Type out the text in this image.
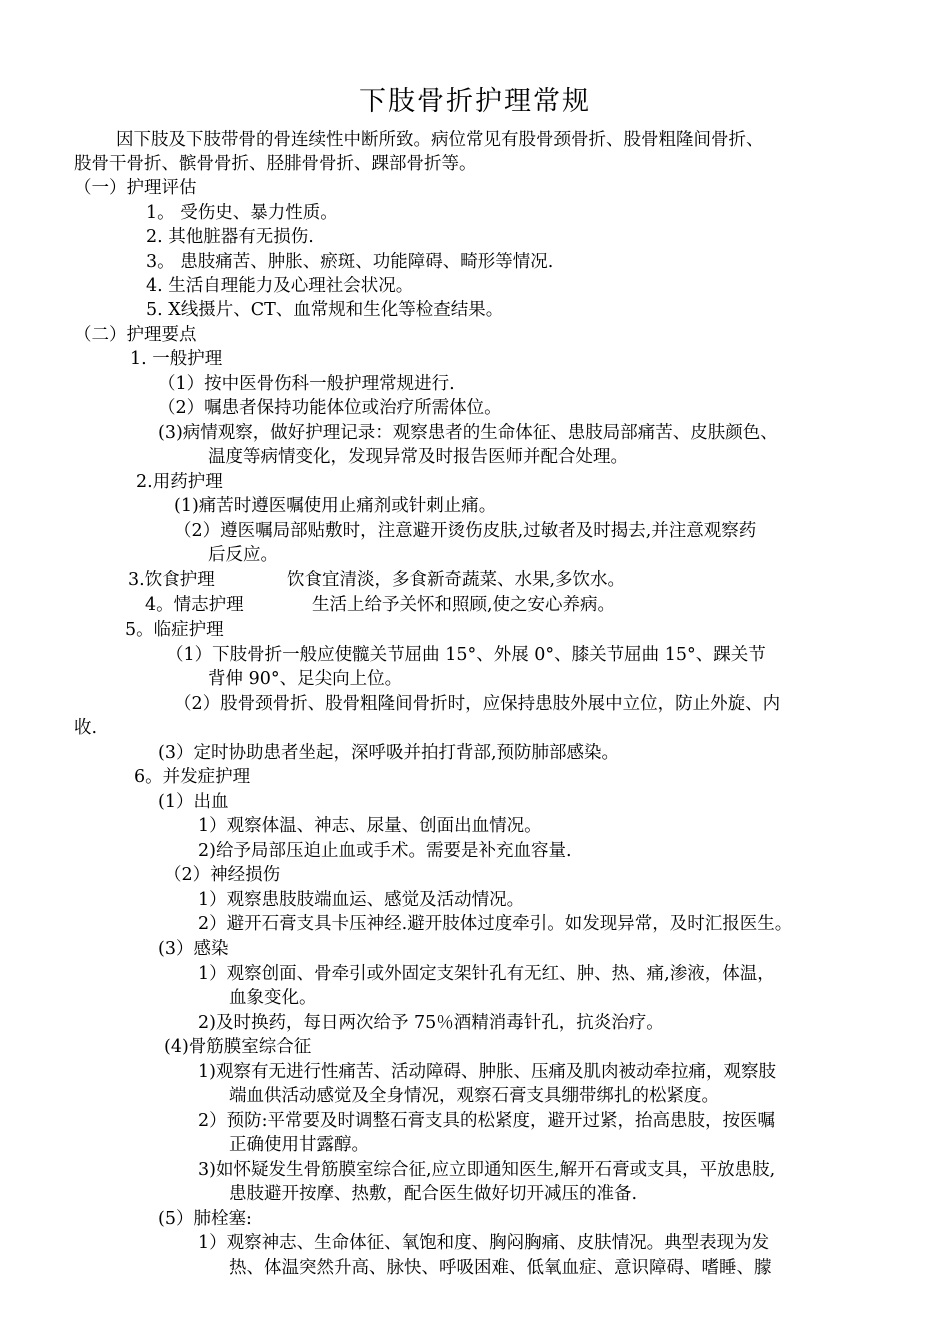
下肢骨折护理常规
因下肢及下肢带骨的骨连续性中断所致。病位常见有股骨颈骨折、股骨粗隆间骨折、
股骨干骨折、髌骨骨折、胫腓骨骨折、踝部骨折等。
（一）护理评估
1。 受伤史、暴力性质。
2. 其他脏器有无损伤.
3。 患肢痛苦、肿胀、瘀斑、功能障碍、畸形等情况.
4. 生活自理能力及心理社会状况。
5. X线摄片、CT、血常规和生化等检查结果。
（二）护理要点
1. 一般护理
（1）按中医骨伤科一般护理常规进行.
（2）嘱患者保持功能体位或治疗所需体位。
(3)病情观察，做好护理记录：观察患者的生命体征、患肢局部痛苦、皮肤颜色、
温度等病情变化，发现异常及时报告医师并配合处理。
2.用药护理
(1)痛苦时遵医嘱使用止痛剂或针刺止痛。
（2）遵医嘱局部贴敷时，注意避开烫伤皮肤,过敏者及时揭去,并注意观察药
后反应。
3.饮食护理	饮食宜清淡，多食新奇蔬菜、水果,多饮水。
4。情志护理	生活上给予关怀和照顾,使之安心养病。
5。临症护理
（1）下肢骨折一般应使髋关节屈曲 15°、外展 0°、膝关节屈曲 15°、踝关节
背伸 90°、足尖向上位。
（2）股骨颈骨折、股骨粗隆间骨折时，应保持患肢外展中立位，防止外旋、内
收.
(3）定时协助患者坐起，深呼吸并拍打背部,预防肺部感染。
6。并发症护理
(1）出血
1）观察体温、神志、尿量、创面出血情况。
2)给予局部压迫止血或手术。需要是补充血容量.
（2）神经损伤
1）观察患肢肢端血运、感觉及活动情况。
2）避开石膏支具卡压神经.避开肢体过度牵引。如发现异常，及时汇报医生。
(3）感染
1）观察创面、骨牵引或外固定支架针孔有无红、肿、热、痛,渗液，体温，
血象变化。
2)及时换药，每日两次给予 75％酒精消毒针孔，抗炎治疗。
(4)骨筋膜室综合征
1)观察有无进行性痛苦、活动障碍、肿胀、压痛及肌肉被动牵拉痛，观察肢
端血供活动感觉及全身情况，观察石膏支具绷带绑扎的松紧度。
2）预防:平常要及时调整石膏支具的松紧度，避开过紧，抬高患肢，按医嘱
正确使用甘露醇。
3)如怀疑发生骨筋膜室综合征,应立即通知医生,解开石膏或支具，平放患肢,
患肢避开按摩、热敷，配合医生做好切开减压的准备.
(5）肺栓塞:
1）观察神志、生命体征、氧饱和度、胸闷胸痛、皮肤情况。典型表现为发
热、体温突然升高、脉快、呼吸困难、低氧血症、意识障碍、嗜睡、朦
